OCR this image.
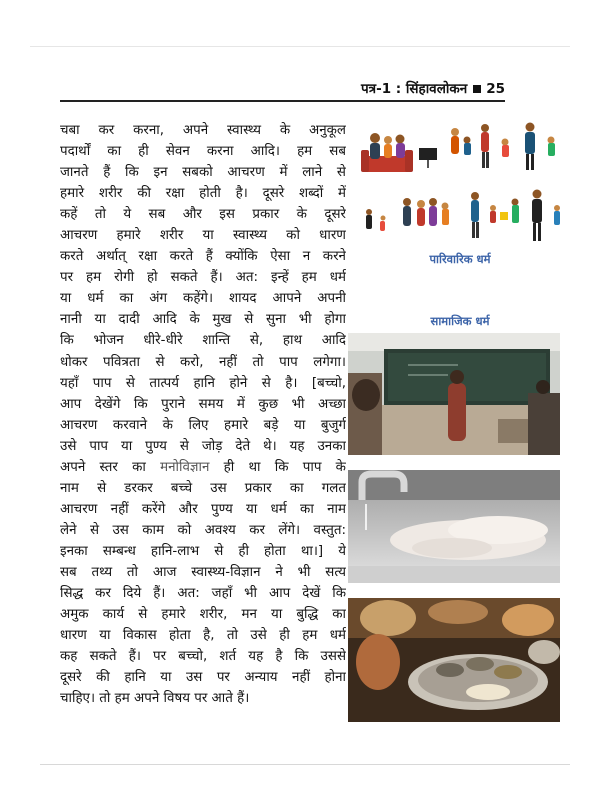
पत्र-1 : सिंहावलोकन 25
चबा कर करना, अपने स्वास्थ्य के अनुकूल
पदार्थों का ही सेवन करना आदि। हम सब
जानते हैं कि इन सबको आचरण में लाने से
हमारे शरीर की रक्षा होती है। दूसरे शब्दों में
कहें तो ये सब और इस प्रकार के दूसरे
आचरण हमारे शरीर या स्वास्थ्य को धारण
करते अर्थात् रक्षा करते हैं क्योंकि ऐसा न करने
पर हम रोगी हो सकते हैं। अत: इन्हें हम धर्म
या धर्म का अंग कहेंगे। शायद आपने अपनी
नानी या दादी आदि के मुख से सुना भी होगा
कि भोजन धीरे-धीरे शान्ति से, हाथ आदि
धोकर पवित्रता से करो, नहीं तो पाप लगेगा।
यहाँ पाप से तात्पर्य हानि होने से है। [बच्चो,
आप देखेंगे कि पुराने समय में कुछ भी अच्छा
आचरण करवाने के लिए हमारे बड़े या बुजुर्ग
उसे पाप या पुण्य से जोड़ देते थे। यह उनका
अपने स्तर का मनोविज्ञान ही था कि पाप के
नाम से डरकर बच्चे उस प्रकार का गलत
आचरण नहीं करेंगे और पुण्य या धर्म का नाम
लेने से उस काम को अवश्य कर लेंगे। वस्तुत:
इनका सम्बन्ध हानि-लाभ से ही होता था।] ये
सब तथ्य तो आज स्वास्थ्य-विज्ञान ने भी सत्य
सिद्ध कर दिये हैं। अत: जहाँ भी आप देखें कि
अमुक कार्य से हमारे शरीर, मन या बुद्धि का
धारण या विकास होता है, तो उसे ही हम धर्म
कह सकते हैं। पर बच्चो, शर्त यह है कि उससे
दूसरे की हानि या उस पर अन्याय नहीं होना
चाहिए। तो हम अपने विषय पर आते हैं।
पारिवारिक धर्म
सामाजिक धर्म
